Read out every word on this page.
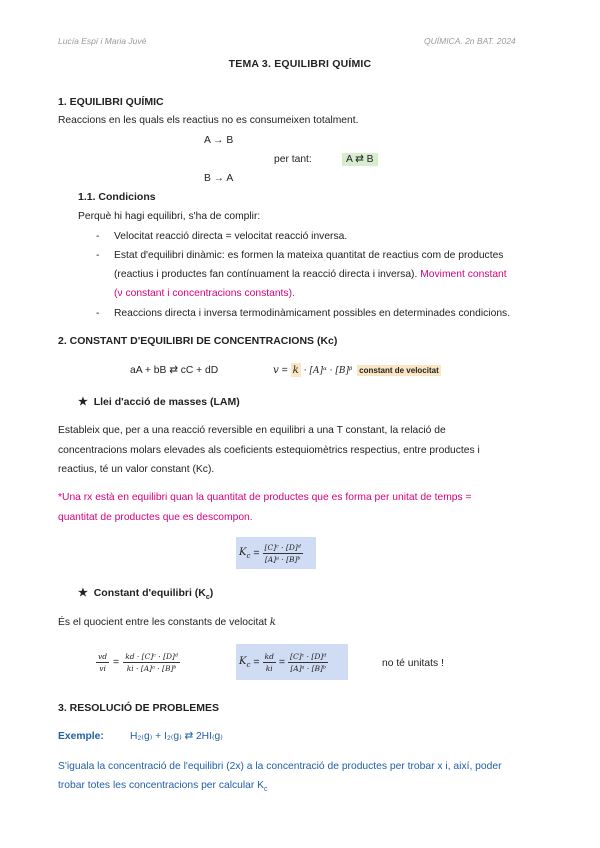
Lucía Espí i Maria Juvé	QUÍMICA. 2n BAT. 2024
TEMA 3. EQUILIBRI QUÍMIC
1. EQUILIBRI QUÍMIC
Reaccions en les quals els reactius no es consumeixen totalment.
A → B
per tant:	A ⇄ B
B → A
1.1. Condicions
Perquè hi hagi equilibri, s'ha de complir:
- Velocitat reacció directa = velocitat reacció inversa.
- Estat d'equilibri dinàmic: es formen la mateixa quantitat de reactius com de productes
(reactius i productes fan contínuament la reacció directa i inversa). Moviment constant
(ν constant i concentracions constants).
- Reaccions directa i inversa termodinàmicament possibles en determinades condicions.
2. CONSTANT D'EQUILIBRI DE CONCENTRACIONS (Kc)
aA + bB ⇄ cC + dD	v = k · [A]ᵅ · [B]ᵝ constant de velocitat
★ Llei d'acció de masses (LAM)
Estableix que, per a una reacció reversible en equilibri a una T constant, la relació de
concentracions molars elevades als coeficients estequiomètrics respectius, entre productes i
reactius, té un valor constant (Kc).
*Una rx està en equilibri quan la quantitat de productes que es forma per unitat de temps =
quantitat de productes que es descompon.
$K_c = \frac{\text{[C]ᶜ · [D]ᵈ}}{\text{[A]ᵃ · [B]ᵇ}}$
★ Constant d'equilibri $(K_c)$
És el quocient entre les constants de velocitat k
$\frac{vd}{vi} = \frac{\text{kd · [C]ᶜ · [D]ᵈ}}{\text{ki · [A]ᵃ · [B]ᵇ}}$	$K_c = \frac{kd}{ki} = \frac{\text{[C]ᶜ · [D]ᵈ}}{\text{[A]ᵃ · [B]ᵇ}}$	no té unitats !
3. RESOLUCIÓ DE PROBLEMES
Exemple:	H₂₍g₎ + I₂₍g₎ ⇄ 2HI₍g₎
S'iguala la concentració de l'equilibri (2x) a la concentració de productes per trobar x i, així, poder
trobar totes les concentracions per calcular $K_c$
